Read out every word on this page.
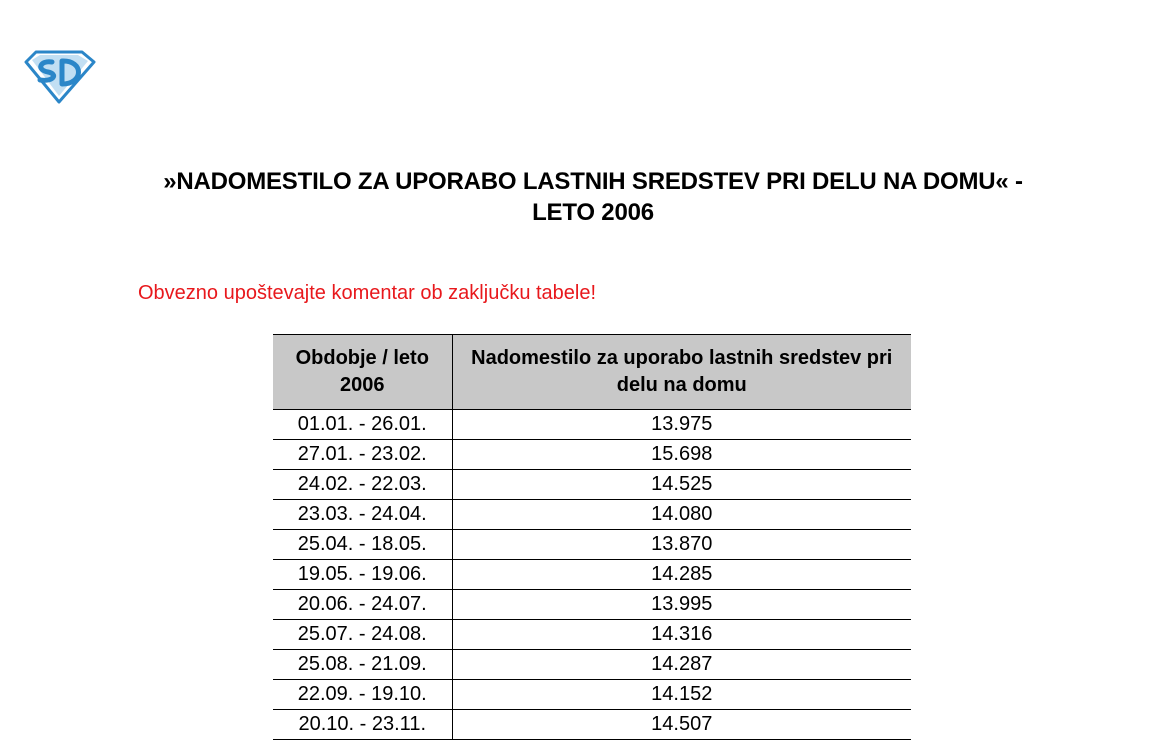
»NADOMESTILO ZA UPORABO LASTNIH SREDSTEV PRI DELU NA DOMU« - LETO 2006

Obvezno upoštevajte komentar ob zaključku tabele!

Obdobje / leto 2006	Nadomestilo za uporabo lastnih sredstev pri delu na domu
01.01. - 26.01.	13.975
27.01. - 23.02.	15.698
24.02. - 22.03.	14.525
23.03. - 24.04.	14.080
25.04. - 18.05.	13.870
19.05. - 19.06.	14.285
20.06. - 24.07.	13.995
25.07. - 24.08.	14.316
25.08. - 21.09.	14.287
22.09. - 19.10.	14.152
20.10. - 23.11.	14.507
